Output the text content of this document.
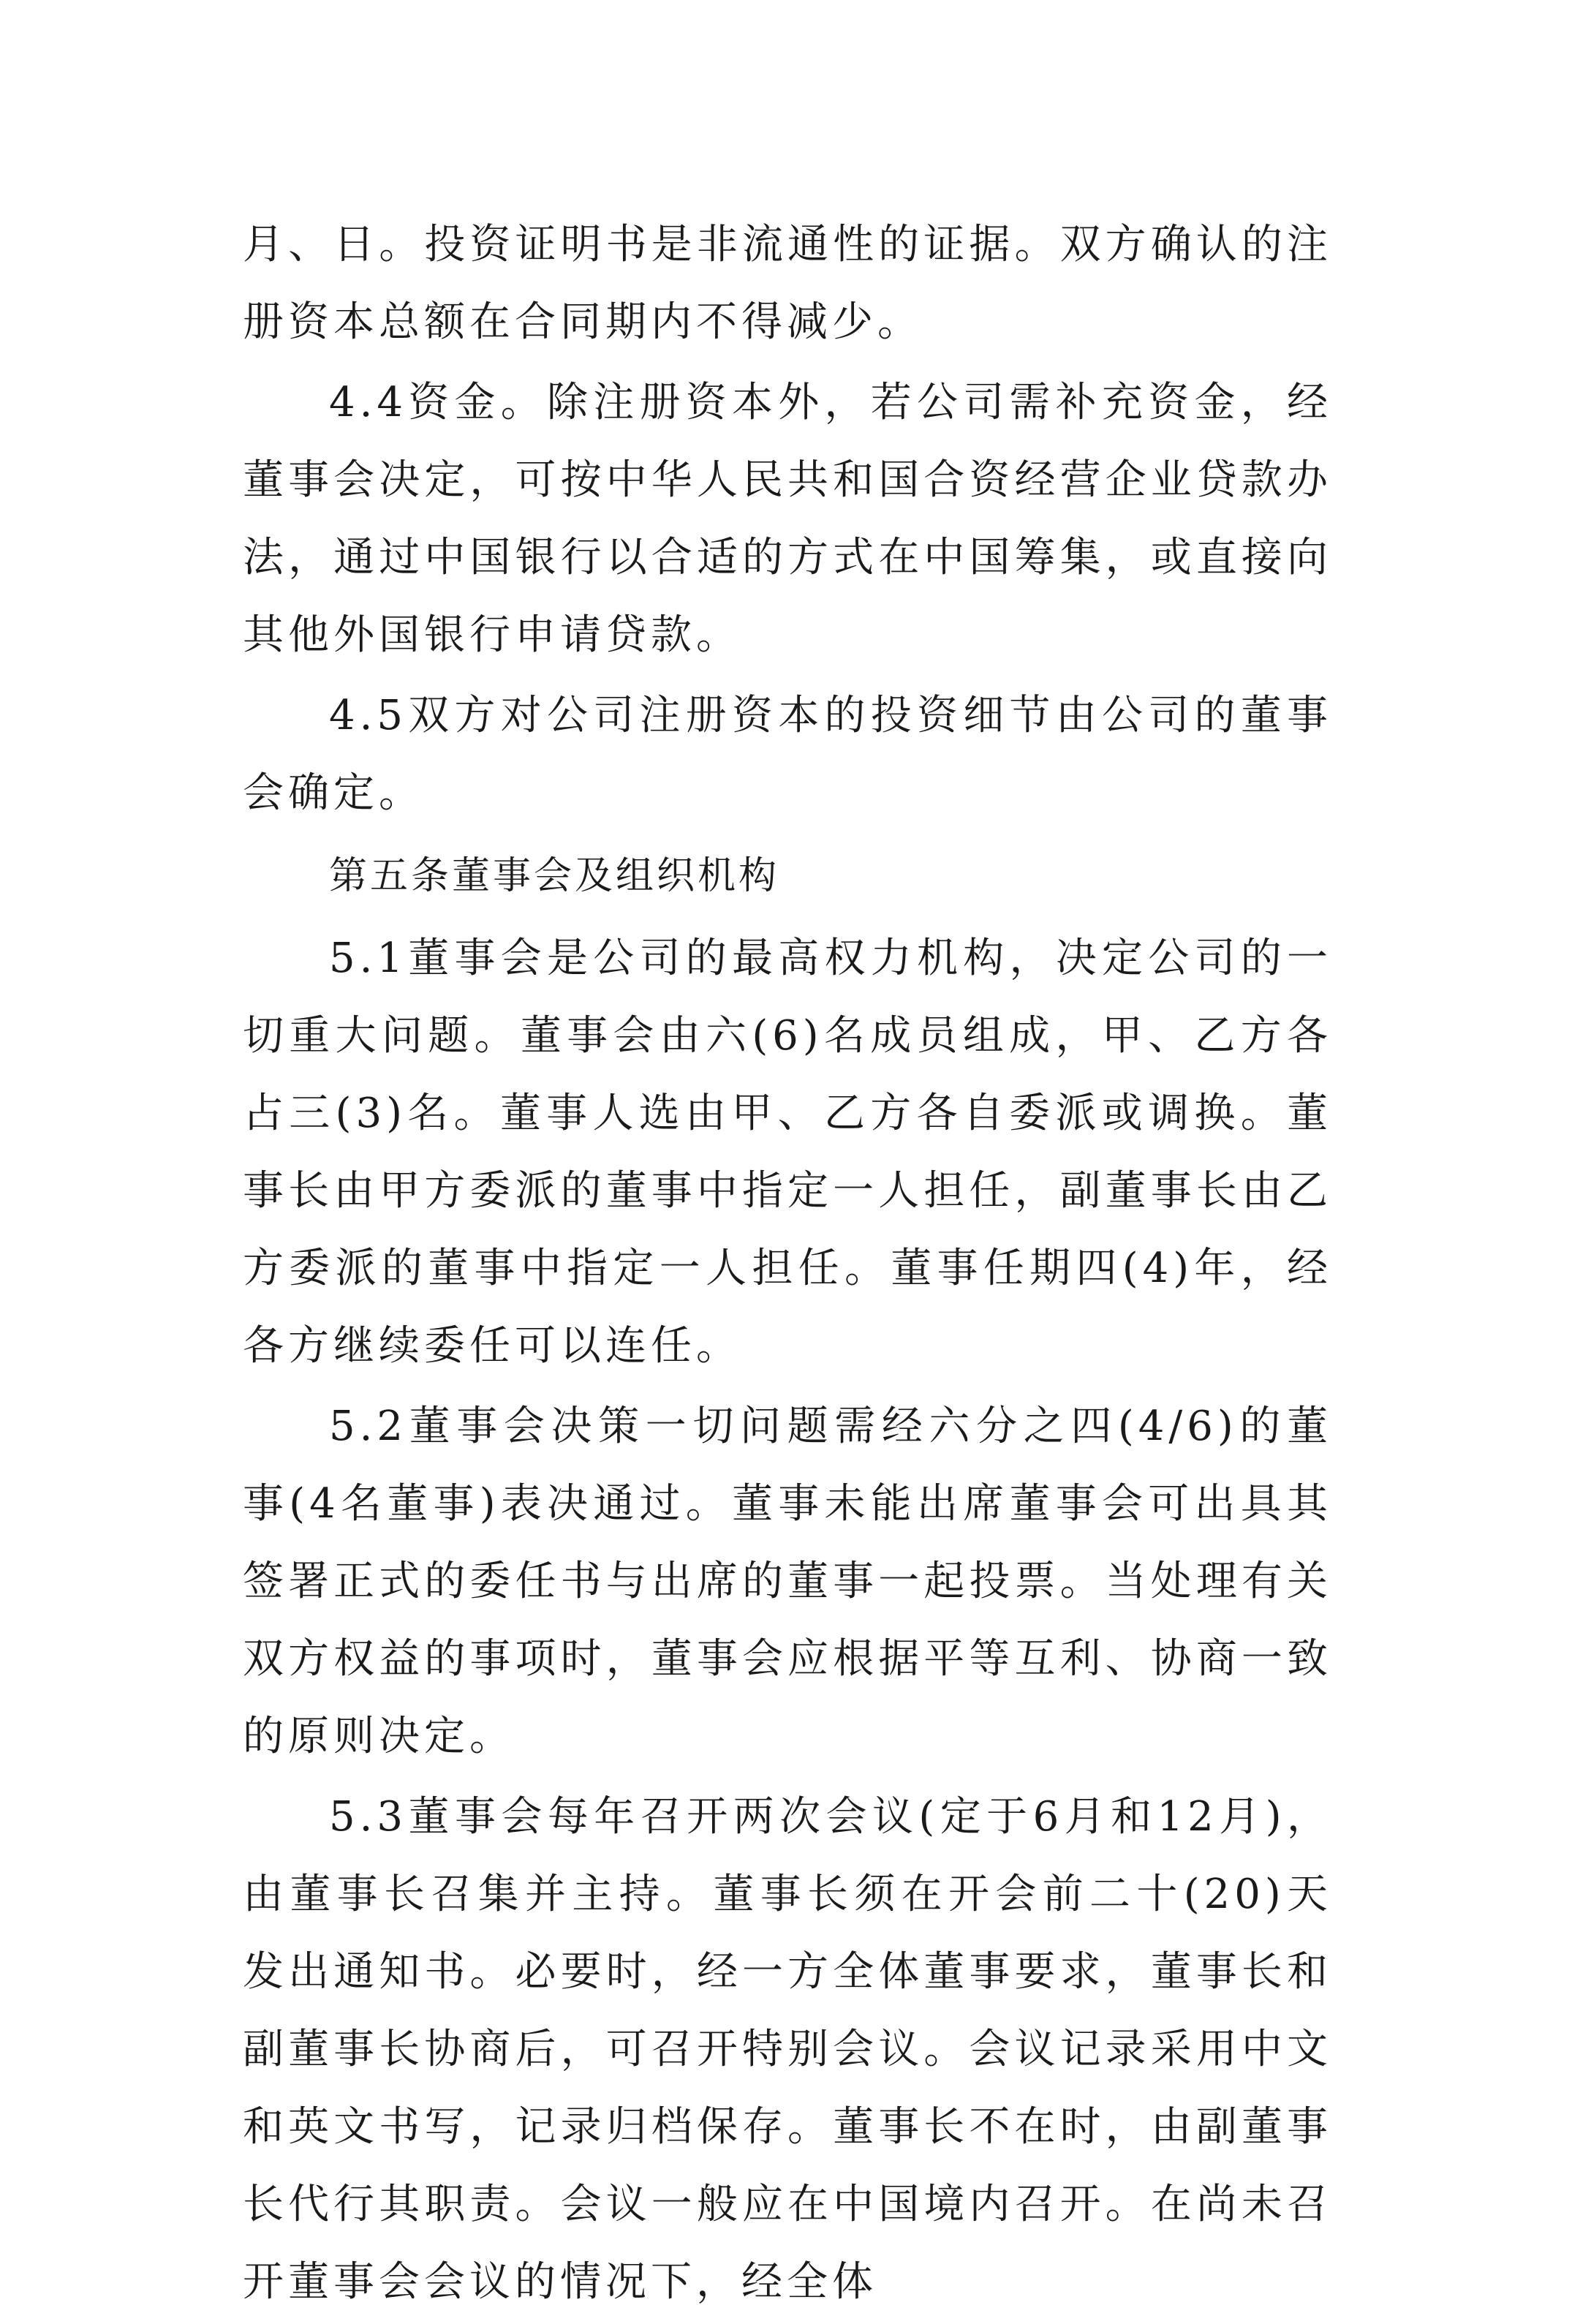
月、日。投资证明书是非流通性的证据。双方确认的注册资本总额在合同期内不得减少。

4.4资金。除注册资本外，若公司需补充资金，经董事会决定，可按中华人民共和国合资经营企业贷款办法，通过中国银行以合适的方式在中国筹集，或直接向其他外国银行申请贷款。

4.5双方对公司注册资本的投资细节由公司的董事会确定。

第五条董事会及组织机构

5.1董事会是公司的最高权力机构，决定公司的一切重大问题。董事会由六(6)名成员组成，甲、乙方各占三(3)名。董事人选由甲、乙方各自委派或调换。董事长由甲方委派的董事中指定一人担任，副董事长由乙方委派的董事中指定一人担任。董事任期四(4)年，经各方继续委任可以连任。

5.2董事会决策一切问题需经六分之四(4/6)的董事(4名董事)表决通过。董事未能出席董事会可出具其签署正式的委任书与出席的董事一起投票。当处理有关双方权益的事项时，董事会应根据平等互利、协商一致的原则决定。

5.3董事会每年召开两次会议(定于6月和12月)，由董事长召集并主持。董事长须在开会前二十(20)天发出通知书。必要时，经一方全体董事要求，董事长和副董事长协商后，可召开特别会议。会议记录采用中文和英文书写，记录归档保存。董事长不在时，由副董事长代行其职责。会议一般应在中国境内召开。在尚未召开董事会会议的情况下，经全体
